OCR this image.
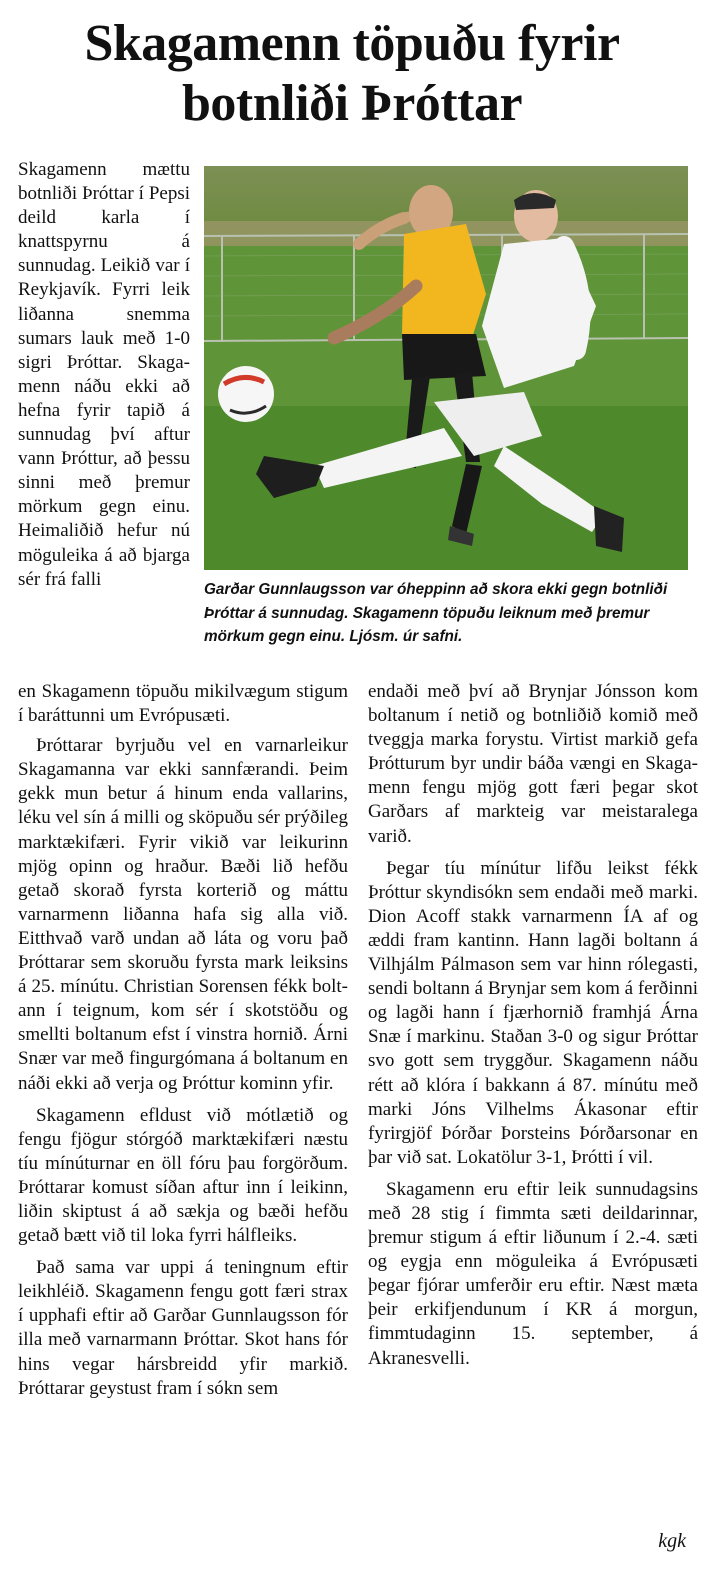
Skagamenn töpuðu fyrir
botnliði Þróttar

Skagamenn mættu botnliði Þróttar í Pepsi deild karla í knattspyrnu á sunnudag. Leikið var í Reykjavík. Fyrri leik liðanna snemma sumars lauk með 1-0 sigri Þróttar. Skagamenn náðu ekki að hefna fyrir tapið á sunnudag því aftur vann Þróttur, að þessu sinni með þremur mörkum gegn einu. Heimaliðið hefur nú möguleika á að bjarga sér frá falli	Garðar Gunnlaugsson var óheppinn að skora ekki gegn botnliði Þróttar á sunnudag. Skagamenn töpuðu leiknum með þremur mörkum gegn einu. Ljósm. úr safni.

en Skagamenn töpuðu mikilvægum stigum í baráttunni um Evrópusæti.

Þróttarar byrjuðu vel en varnarleikur Skagamanna var ekki sannfærandi. Þeim gekk mun betur á hinum enda vallarins, léku vel sín á milli og sköpuðu sér prýðileg marktækifæri. Fyrir vikið var leikurinn mjög opinn og hraður. Bæði lið hefðu getað skorað fyrsta korterið og máttu varnarmenn liðanna hafa sig alla við. Eitthvað varð undan að láta og voru það Þróttarar sem skoruðu fyrsta mark leiksins á 25. mínútu. Christian Sorensen fékk boltann í teignum, kom sér í skotstöðu og smellti boltanum efst í vinstra hornið. Árni Snær var með fingurgómana á boltanum en náði ekki að verja og Þróttur kominn yfir.

Skagamenn efldust við mótlætið og fengu fjögur stórgóð marktækifæri næstu tíu mínúturnar en öll fóru þau forgörðum. Þróttarar komust síðan aftur inn í leikinn, liðin skiptust á að sækja og bæði hefðu getað bætt við til loka fyrri hálfleiks.

Það sama var uppi á teningnum eftir leikhléið. Skagamenn fengu gott færi strax í upphafi eftir að Garðar Gunnlaugsson fór illa með varnarmann Þróttar. Skot hans fór hins vegar hársbreidd yfir markið. Þróttarar geystust fram í sókn sem

endaði með því að Brynjar Jónsson kom boltanum í netið og botnliðið komið með tveggja marka forystu. Virtist markið gefa Þrótturum byr undir báða vængi en Skagamenn fengu mjög gott færi þegar skot Garðars af markteig var meistaralega varið.

Þegar tíu mínútur lifðu leikst fékk Þróttur skyndisókn sem endaði með marki. Dion Acoff stakk varnarmenn ÍA af og æddi fram kantinn. Hann lagði boltann á Vilhjálm Pálmason sem var hinn rólegasti, sendi boltann á Brynjar sem kom á ferðinni og lagði hann í fjærhornið framhjá Árna Snæ í markinu. Staðan 3-0 og sigur Þróttar svo gott sem tryggður. Skagamenn náðu rétt að klóra í bakkann á 87. mínútu með marki Jóns Vilhelms Ákasonar eftir fyrirgjöf Þórðar Þorsteins Þórðarsonar en þar við sat. Lokatölur 3-1, Þrótti í vil.

Skagamenn eru eftir leik sunnudagsins með 28 stig í fimmta sæti deildarinnar, þremur stigum á eftir liðunum í 2.-4. sæti og eygja enn möguleika á Evrópusæti þegar fjórar umferðir eru eftir. Næst mæta þeir erkifjendunum í KR á morgun, fimmtudaginn 15. september, á Akranesvelli.

kgk
